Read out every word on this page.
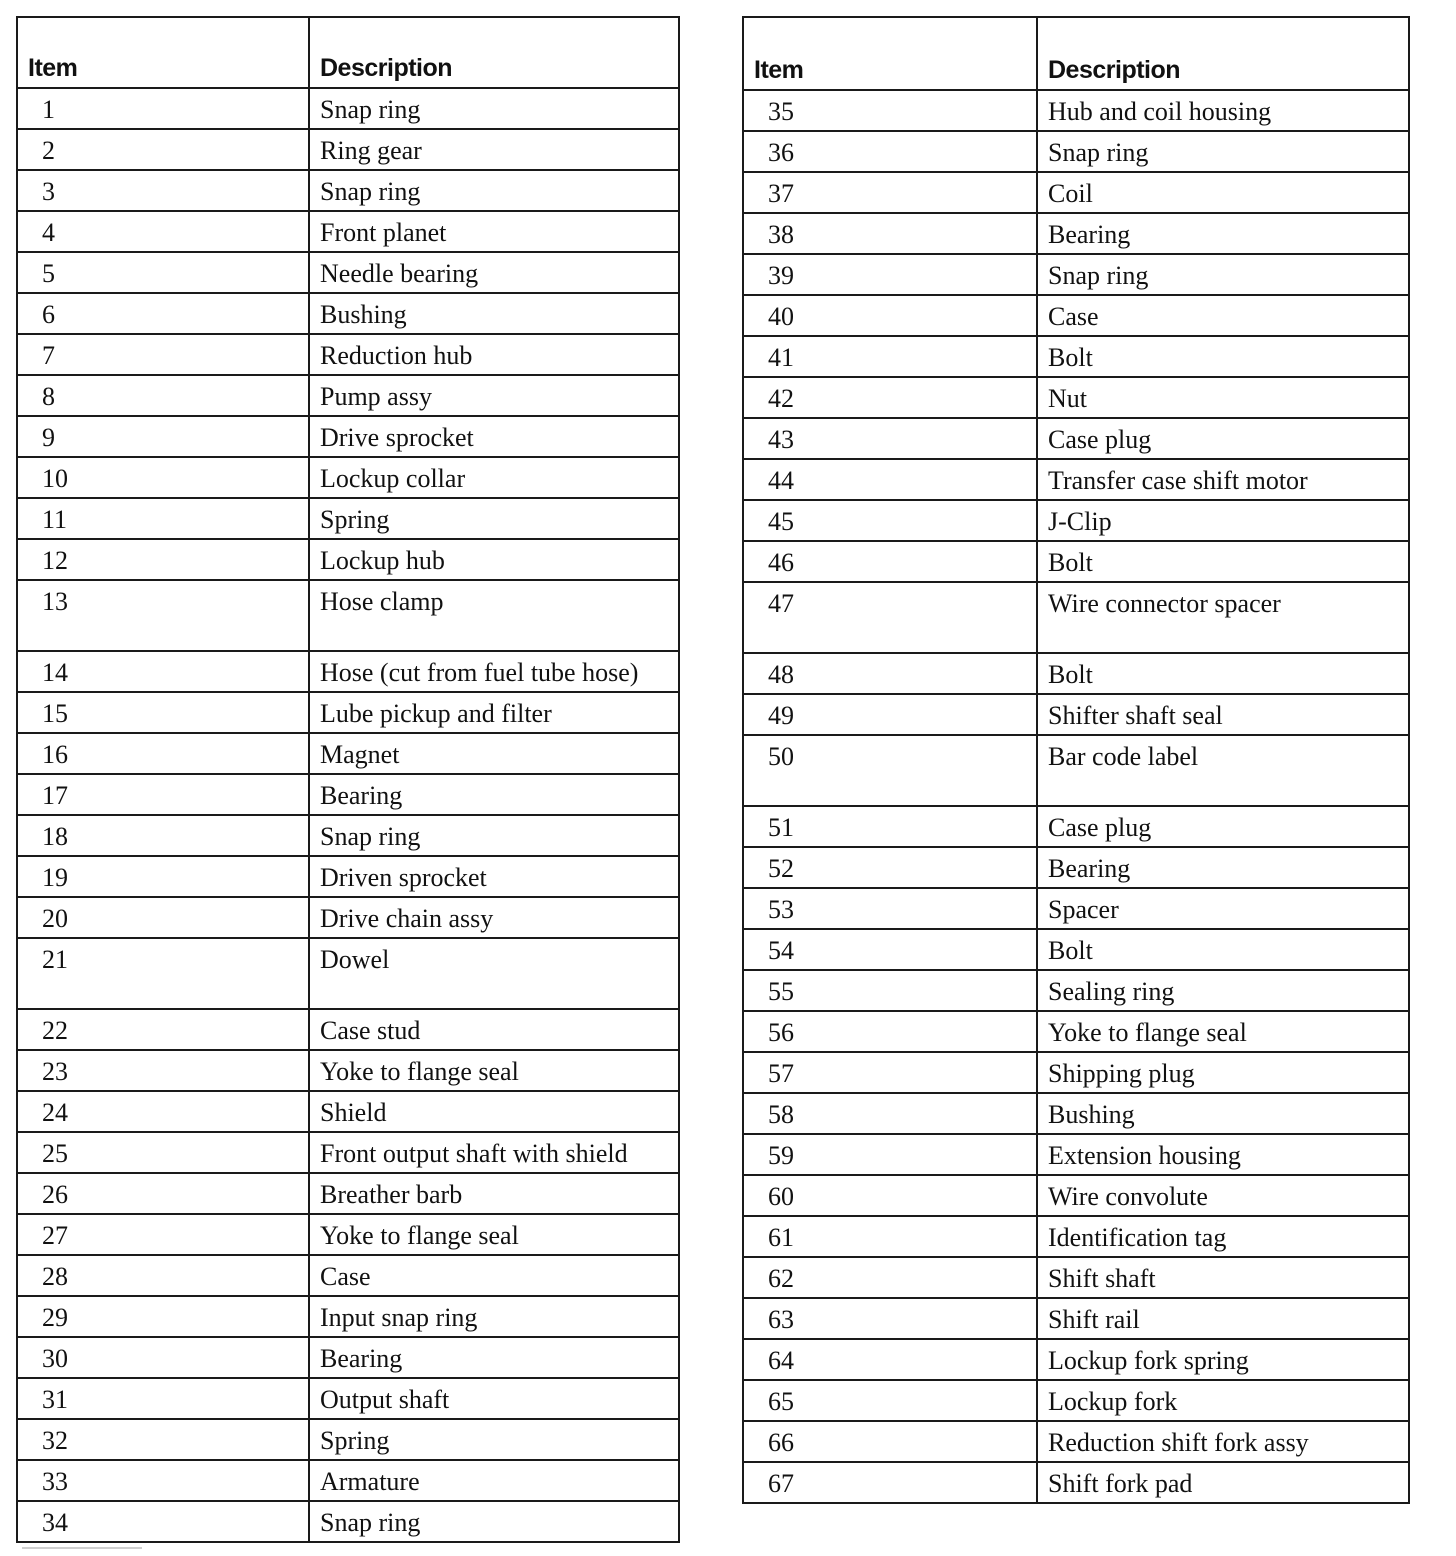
Item	Description
1	Snap ring
2	Ring gear
3	Snap ring
4	Front planet
5	Needle bearing
6	Bushing
7	Reduction hub
8	Pump assy
9	Drive sprocket
10	Lockup collar
11	Spring
12	Lockup hub
13	Hose clamp
14	Hose (cut from fuel tube hose)
15	Lube pickup and filter
16	Magnet
17	Bearing
18	Snap ring
19	Driven sprocket
20	Drive chain assy
21	Dowel
22	Case stud
23	Yoke to flange seal
24	Shield
25	Front output shaft with shield
26	Breather barb
27	Yoke to flange seal
28	Case
29	Input snap ring
30	Bearing
31	Output shaft
32	Spring
33	Armature
34	Snap ring
Item	Description
35	Hub and coil housing
36	Snap ring
37	Coil
38	Bearing
39	Snap ring
40	Case
41	Bolt
42	Nut
43	Case plug
44	Transfer case shift motor
45	J-Clip
46	Bolt
47	Wire connector spacer
48	Bolt
49	Shifter shaft seal
50	Bar code label
51	Case plug
52	Bearing
53	Spacer
54	Bolt
55	Sealing ring
56	Yoke to flange seal
57	Shipping plug
58	Bushing
59	Extension housing
60	Wire convolute
61	Identification tag
62	Shift shaft
63	Shift rail
64	Lockup fork spring
65	Lockup fork
66	Reduction shift fork assy
67	Shift fork pad
